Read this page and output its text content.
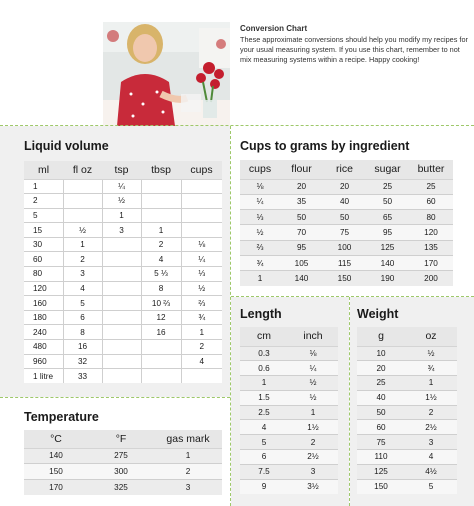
Conversion Chart
These approximate conversions should help you modify my recipes for your usual measuring system. If you use this chart, remember to not mix measuring systems within a recipe. Happy cooking!
Liquid volume
ml	fl oz	tsp	tbsp	cups
1		¼		
2		½		
5		1		
15	½	3	1	
30	1		2	⅛
60	2		4	¼
80	3		5 ⅓	⅓
120	4		8	½
160	5		10 ⅔	⅔
180	6		12	¾
240	8		16	1
480	16			2
960	32			4
1 litre	33			
Temperature
°C	°F	gas mark
140	275	1
150	300	2
170	325	3
Cups to grams by ingredient
cups	flour	rice	sugar	butter
⅛	20	20	25	25
¼	35	40	50	60
⅓	50	50	65	80
½	70	75	95	120
⅔	95	100	125	135
¾	105	115	140	170
1	140	150	190	200
Length
cm	inch
0.3	⅛
0.6	¼
1	½
1.5	½
2.5	1
4	1½
5	2
6	2½
7.5	3
9	3½
Weight
g	oz
10	½
20	¾
25	1
40	1½
50	2
60	2½
75	3
110	4
125	4½
150	5
